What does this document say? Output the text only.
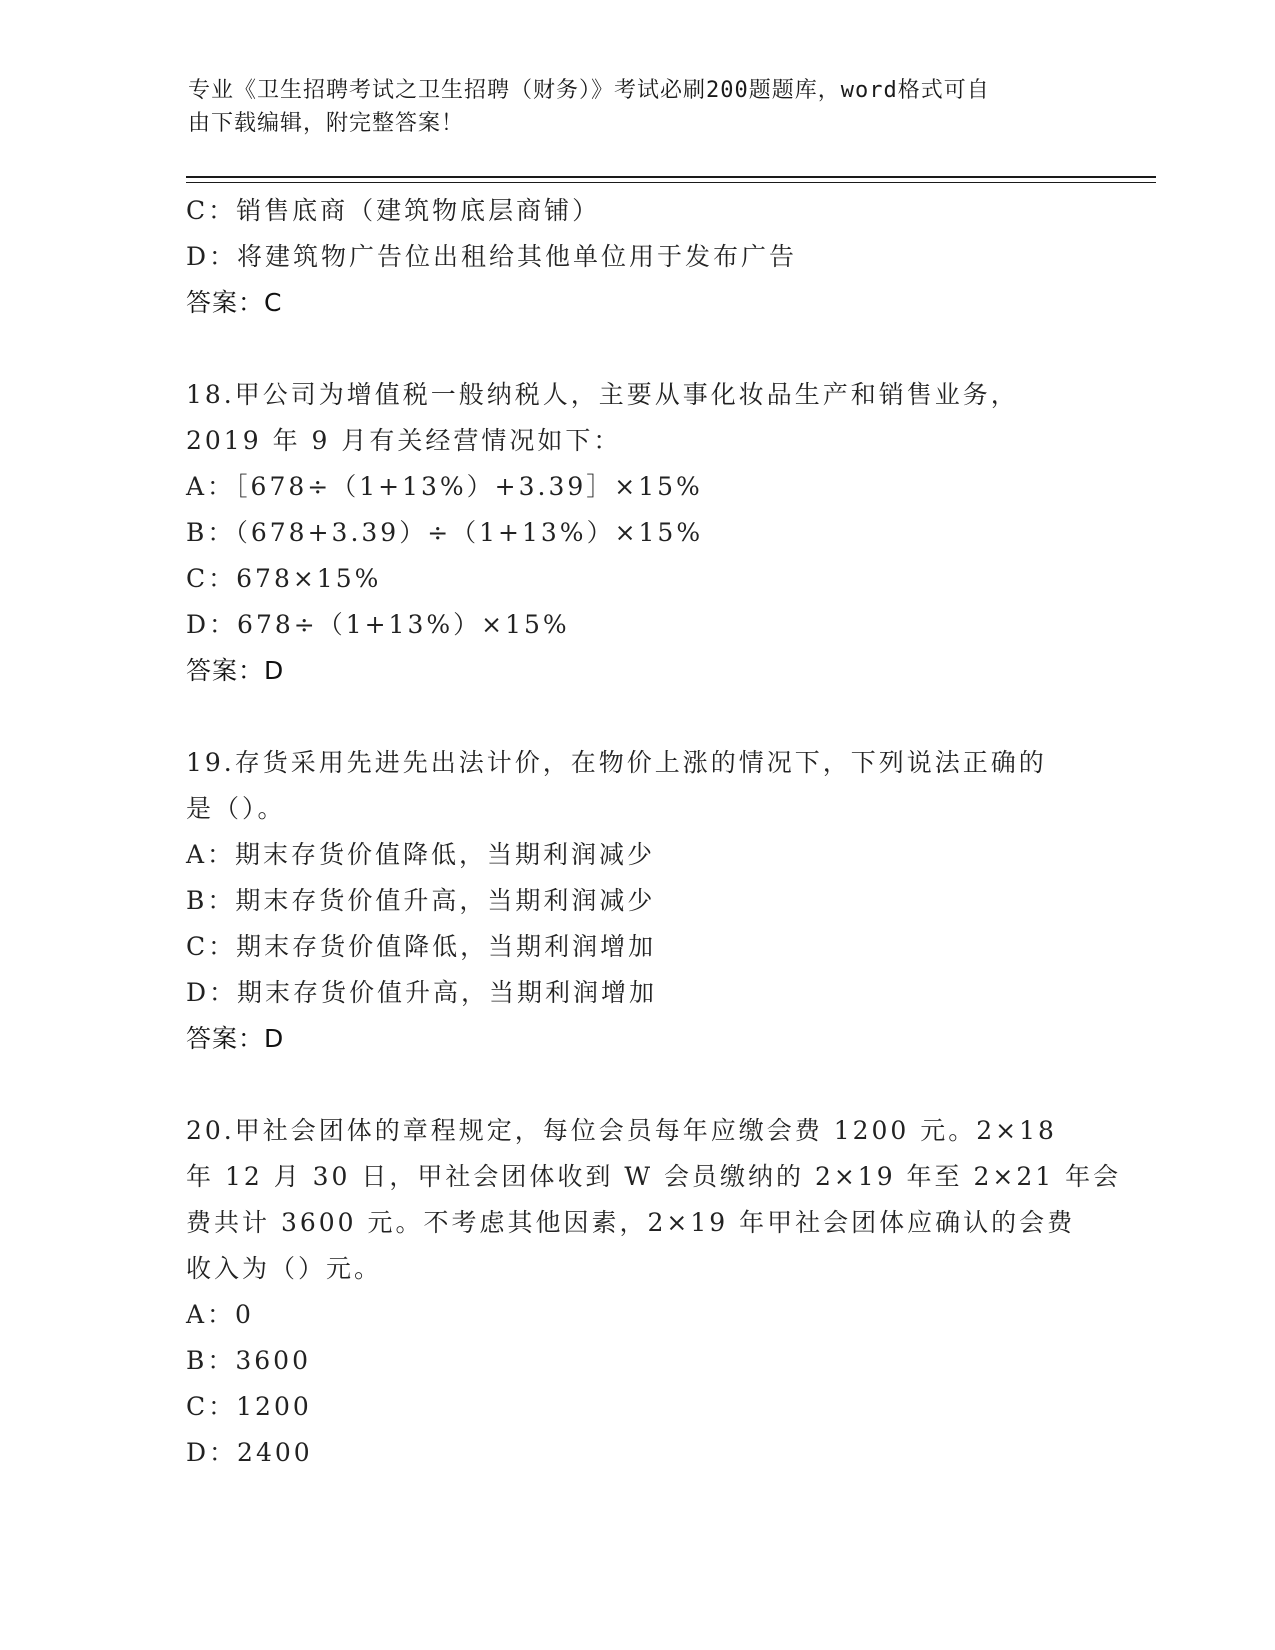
专业《卫生招聘考试之卫生招聘（财务）》考试必刷200题题库，word格式可自
由下载编辑，附完整答案！
C：销售底商（建筑物底层商铺）
D：将建筑物广告位出租给其他单位用于发布广告
答案：C
18.甲公司为增值税一般纳税人，主要从事化妆品生产和销售业务，
2019 年 9 月有关经营情况如下：
A：［678÷（1+13%）+3.39］×15%
B：（678+3.39）÷（1+13%）×15%
C：678×15%
D：678÷（1+13%）×15%
答案：D
19.存货采用先进先出法计价，在物价上涨的情况下，下列说法正确的
是（）。
A：期末存货价值降低，当期利润减少
B：期末存货价值升高，当期利润减少
C：期末存货价值降低，当期利润增加
D：期末存货价值升高，当期利润增加
答案：D
20.甲社会团体的章程规定，每位会员每年应缴会费 1200 元。2×18
年 12 月 30 日，甲社会团体收到 W 会员缴纳的 2×19 年至 2×21 年会
费共计 3600 元。不考虑其他因素，2×19 年甲社会团体应确认的会费
收入为（）元。
A：0
B：3600
C：1200
D：2400
